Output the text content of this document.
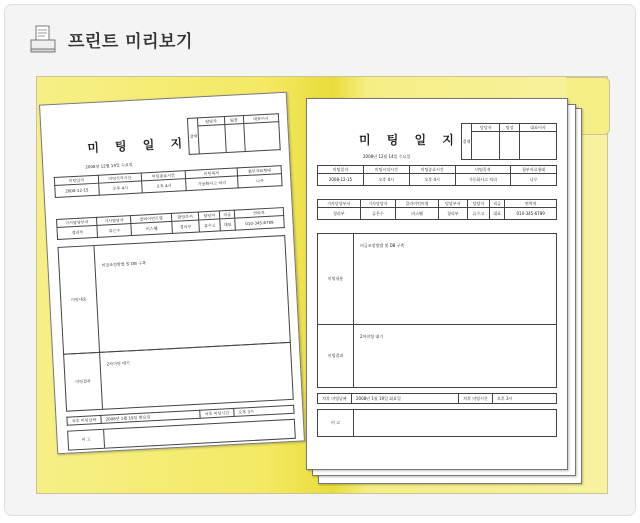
프린트 미리보기
미 팅 일 지
2008년 12월 14일 수요일
결재	담당자	팀장	대표이사

미팅일자	미팅시작시간	미팅종료시간	미팅목적	첨부자료형태
2008-12-15	오후 4시	오후 4시	가동화사고 처리	나무
기사담당부서	기사담당자	클라이언트명	담당부서	담당자	직급	연락처
경리부	류은수	비스웰	경리부	류수고	대표	010-345-6789
미팅내용
비금조정방법 및 DB 구축
미팅결과
2차미팅 대기
차후 미팅날짜	2008년 1월 19일 화요일	차후 미팅시간	오후 3시
비 고
미 팅 일 지
2008년 12월 14일 수요일
결재	담당자	팀장	대표이사

미팅일자	미팅시작시간	미팅종료시간	미팅목적	첨부자료형태
2008-12-15	오후 4시	오후 4시	가동화사고 처리	나무
기사담당부서	기사담당자	클라이언트명	담당부서	담당자	직급	연락처
경리부	류은수	비스웰	경리부	류수고	대표	010-345-6789
미팅내용
비금조정방법 및 DB 구축
미팅결과
2차미팅 대기
차후 미팅날짜	2008년 1월 19일 화요일	차후 미팅시간	오후 3시
비 고
